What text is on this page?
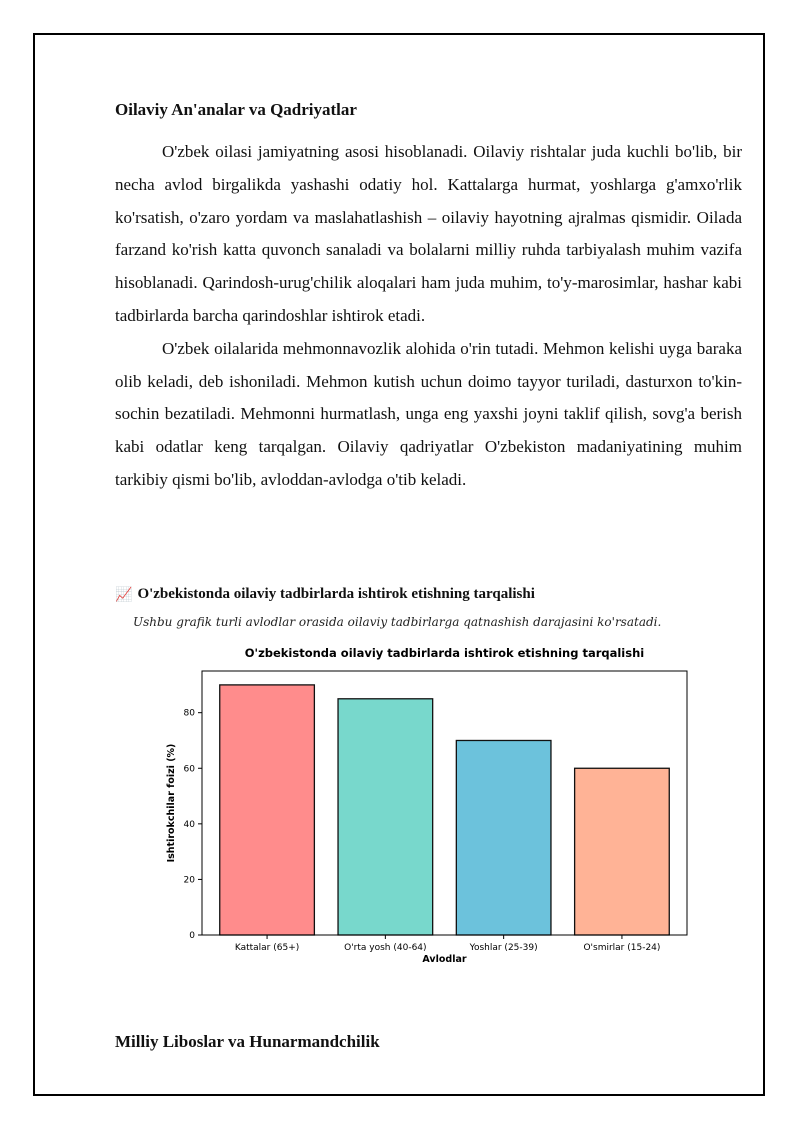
Oilaviy An'analar va Qadriyatlar

O'zbek oilasi jamiyatning asosi hisoblanadi. Oilaviy rishtalar juda kuchli bo'lib, bir necha avlod birgalikda yashashi odatiy hol. Kattalarga hurmat, yoshlarga g'amxo'rlik ko'rsatish, o'zaro yordam va maslahatlashish – oilaviy hayotning ajralmas qismidir. Oilada farzand ko'rish katta quvonch sanaladi va bolalarni milliy ruhda tarbiyalash muhim vazifa hisoblanadi. Qarindosh-urug'chilik aloqalari ham juda muhim, to'y-marosimlar, hashar kabi tadbirlarda barcha qarindoshlar ishtirok etadi.

O'zbek oilalarida mehmonnavozlik alohida o'rin tutadi. Mehmon kelishi uyga baraka olib keladi, deb ishoniladi. Mehmon kutish uchun doimo tayyor turiladi, dasturxon to'kin-sochin bezatiladi. Mehmonni hurmatlash, unga eng yaxshi joyni taklif qilish, sovg'a berish kabi odatlar keng tarqalgan. Oilaviy qadriyatlar O'zbekiston madaniyatining muhim tarkibiy qismi bo'lib, avloddan-avlodga o'tib keladi.

📈 O'zbekistonda oilaviy tadbirlarda ishtirok etishning tarqalishi
Ushbu grafik turli avlodlar orasida oilaviy tadbirlarga qatnashish darajasini ko'rsatadi.
O'zbekistonda oilaviy tadbirlarda ishtirok etishning tarqalishi
Kattalar (65+)	O'rta yosh (40-64)	Yoshlar (25-39)	O'smirlar (15-24)
0
20
40
60
80
Avlodlar
Ishtirokchilar foizi (%)
Milliy Liboslar va Hunarmandchilik
